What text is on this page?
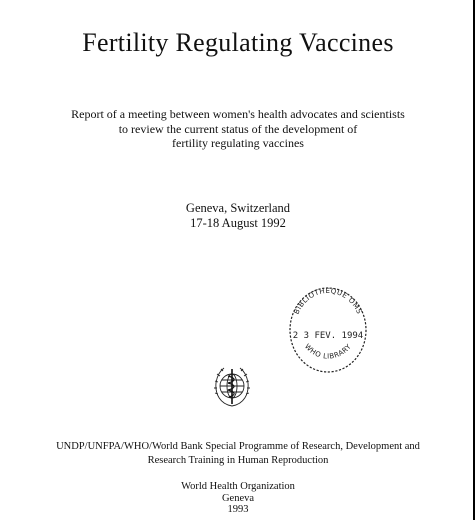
Fertility Regulating Vaccines
Report of a meeting between women's health advocates and scientists
to review the current status of the development of
fertility regulating vaccines
Geneva, Switzerland
17-18 August 1992
BIBLIOTHEQUE OMS
2 3 FEV. 1994
WHO LIBRARY
UNDP/UNFPA/WHO/World Bank Special Programme of Research, Development and
Research Training in Human Reproduction
World Health Organization
Geneva
1993
